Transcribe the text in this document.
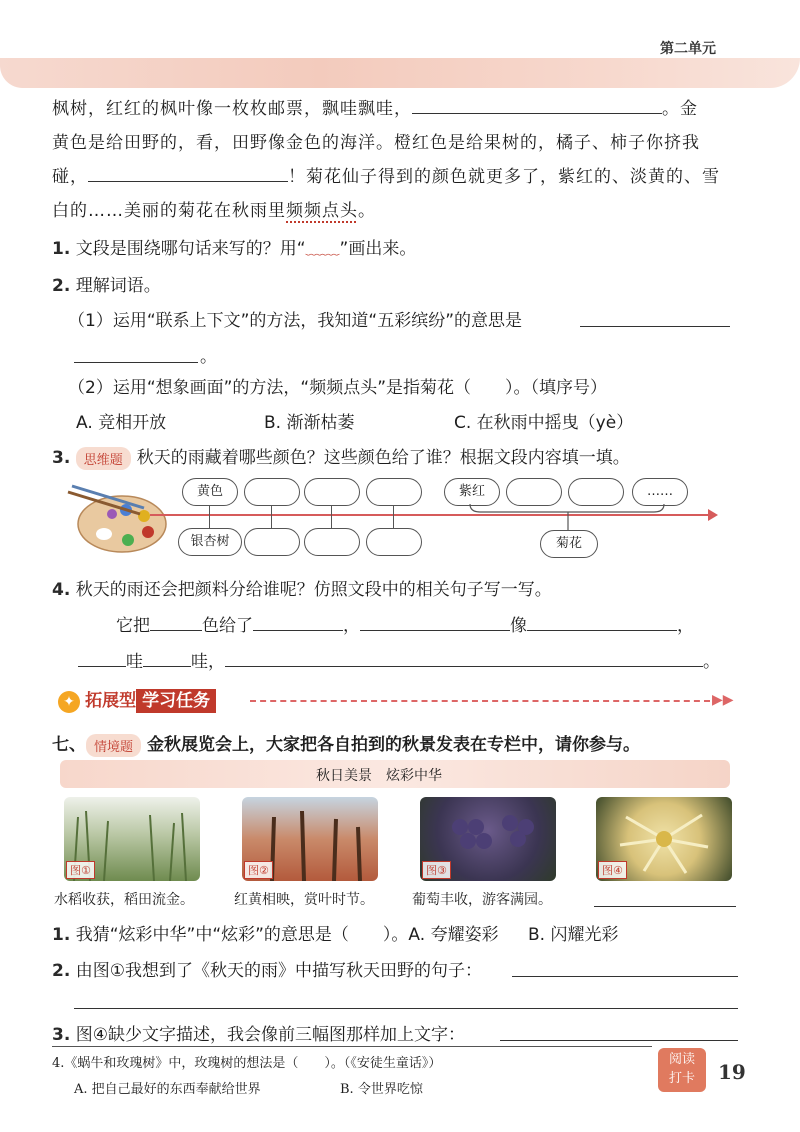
第二单元
枫树，红红的枫叶像一枚枚邮票，飘哇飘哇，	。金
黄色是给田野的，看，田野像金色的海洋。橙红色是给果树的，橘子、柿子你挤我
碰，	！菊花仙子得到的颜色就更多了，紫红的、淡黄的、雪
白的……美丽的菊花在秋雨里频频点头。
1. 文段是围绕哪句话来写的？用“﹏﹏”画出来。
2. 理解词语。
（1）运用“联系上下文”的方法，我知道“五彩缤纷”的意思是
。
（2）运用“想象画面”的方法，“频频点头”是指菊花（　　）。（填序号）
A. 竞相开放	B. 渐渐枯萎	C. 在秋雨中摇曳（yè）
3. 思维题 秋天的雨藏着哪些颜色？这些颜色给了谁？根据文段内容填一填。
黄色	紫红	……
银杏树	菊花
4. 秋天的雨还会把颜料分给谁呢？仿照文段中的相关句子写一写。
它把	色给了	，	像	，
哇	哇，	。
✦ 拓展型 学习任务	▶▶
七、 情境题 金秋展览会上，大家把各自拍到的秋景发表在专栏中，请你参与。
秋日美景　炫彩中华
图①	图②	图③	图④
水稻收获，稻田流金。	红黄相映，赏叶时节。	葡萄丰收，游客满园。
1. 我猜“炫彩中华”中“炫彩”的意思是（　　）。A. 夸耀姿彩 B. 闪耀光彩
2. 由图①我想到了《秋天的雨》中描写秋天田野的句子：
3. 图④缺少文字描述，我会像前三幅图那样加上文字：
4.《蜗牛和玫瑰树》中，玫瑰树的想法是（　　）。（《安徒生童话》）
A. 把自己最好的东西奉献给世界	B. 令世界吃惊
阅读
打卡	19
